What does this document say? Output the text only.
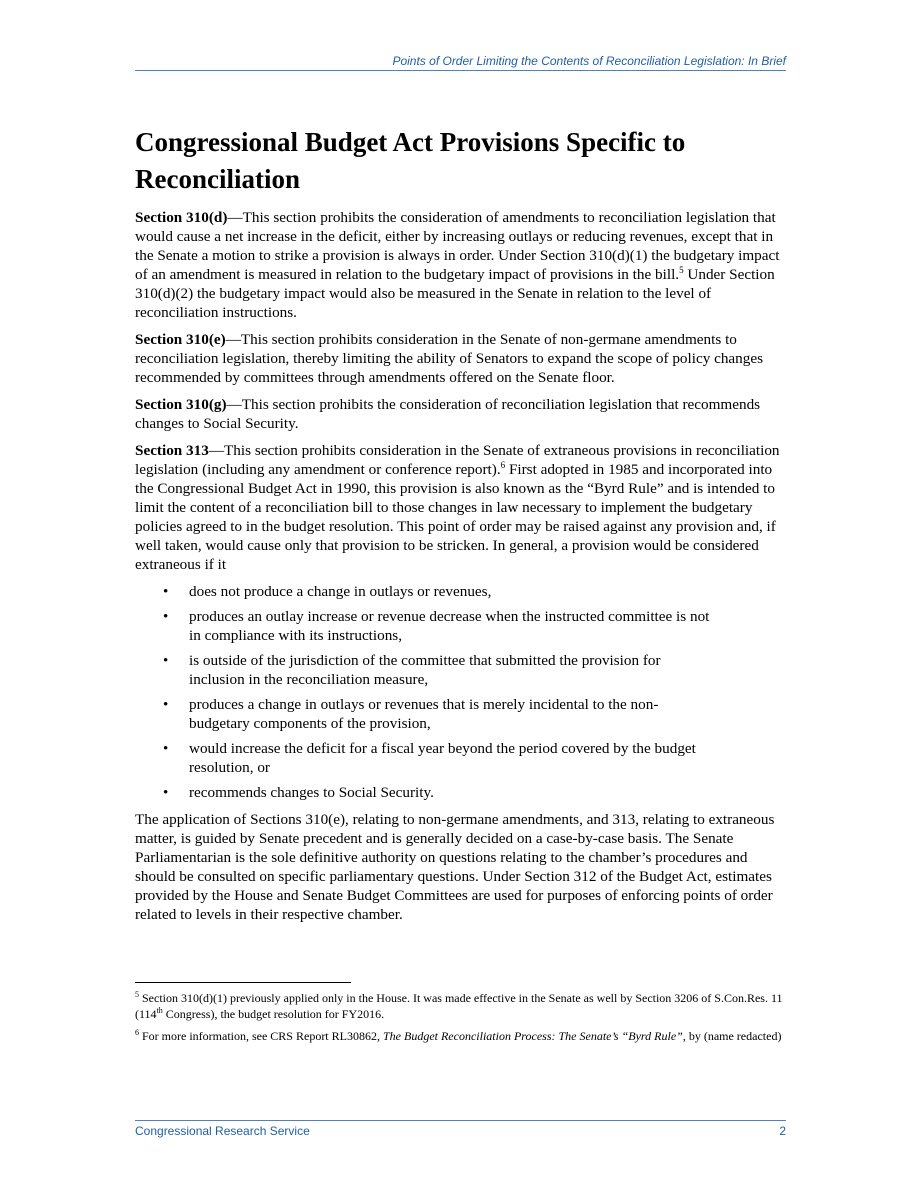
Points of Order Limiting the Contents of Reconciliation Legislation: In Brief
Congressional Budget Act Provisions Specific to Reconciliation

Section 310(d)—This section prohibits the consideration of amendments to reconciliation legislation that would cause a net increase in the deficit, either by increasing outlays or reducing revenues, except that in the Senate a motion to strike a provision is always in order. Under Section 310(d)(1) the budgetary impact of an amendment is measured in relation to the budgetary impact of provisions in the bill.$^5$ Under Section 310(d)(2) the budgetary impact would also be measured in the Senate in relation to the level of reconciliation instructions.

Section 310(e)—This section prohibits consideration in the Senate of non-germane amendments to reconciliation legislation, thereby limiting the ability of Senators to expand the scope of policy changes recommended by committees through amendments offered on the Senate floor.

Section 310(g)—This section prohibits the consideration of reconciliation legislation that recommends changes to Social Security.

Section 313—This section prohibits consideration in the Senate of extraneous provisions in reconciliation legislation (including any amendment or conference report).$^6$ First adopted in 1985 and incorporated into the Congressional Budget Act in 1990, this provision is also known as the “Byrd Rule” and is intended to limit the content of a reconciliation bill to those changes in law necessary to implement the budgetary policies agreed to in the budget resolution. This point of order may be raised against any provision and, if well taken, would cause only that provision to be stricken. In general, a provision would be considered extraneous if it

• does not produce a change in outlays or revenues,
• produces an outlay increase or revenue decrease when the instructed committee is not in compliance with its instructions,
• is outside of the jurisdiction of the committee that submitted the provision for inclusion in the reconciliation measure,
• produces a change in outlays or revenues that is merely incidental to the non-budgetary components of the provision,
• would increase the deficit for a fiscal year beyond the period covered by the budget resolution, or
• recommends changes to Social Security.

The application of Sections 310(e), relating to non-germane amendments, and 313, relating to extraneous matter, is guided by Senate precedent and is generally decided on a case-by-case basis. The Senate Parliamentarian is the sole definitive authority on questions relating to the chamber’s procedures and should be consulted on specific parliamentary questions. Under Section 312 of the Budget Act, estimates provided by the House and Senate Budget Committees are used for purposes of enforcing points of order related to levels in their respective chamber.

$^5$ Section 310(d)(1) previously applied only in the House. It was made effective in the Senate as well by Section 3206 of S.Con.Res. 11 (114th Congress), the budget resolution for FY2016.

$^6$ For more information, see CRS Report RL30862, The Budget Reconciliation Process: The Senate’s “Byrd Rule”, by (name redacted)

Congressional Research Service	2
